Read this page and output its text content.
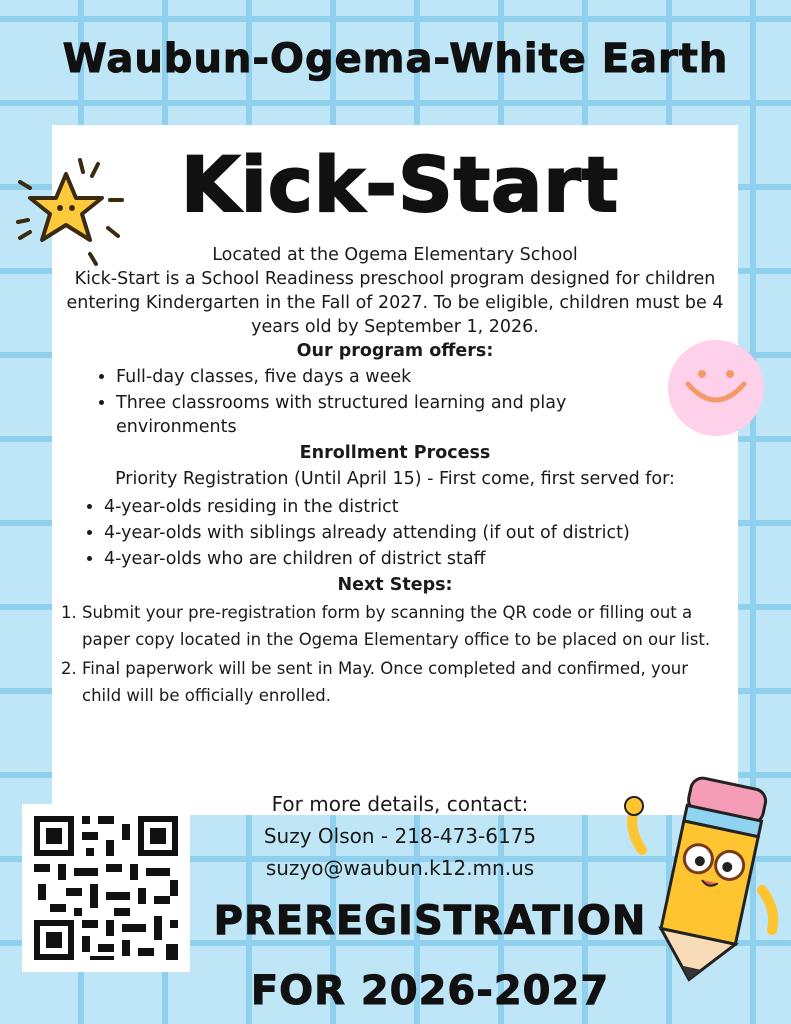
Waubun-Ogema-White Earth
Kick-Start
Located at the Ogema Elementary School
Kick-Start is a School Readiness preschool program designed for children entering Kindergarten in the Fall of 2027. To be eligible, children must be 4 years old by September 1, 2026.
Our program offers:
• Full-day classes, five days a week
• Three classrooms with structured learning and play environments
Enrollment Process
Priority Registration (Until April 15) - First come, first served for:
• 4-year-olds residing in the district
• 4-year-olds with siblings already attending (if out of district)
• 4-year-olds who are children of district staff
Next Steps:
1. Submit your pre-registration form by scanning the QR code or filling out a paper copy located in the Ogema Elementary office to be placed on our list.
2. Final paperwork will be sent in May. Once completed and confirmed, your child will be officially enrolled.
For more details, contact:
Suzy Olson - 218-473-6175
suzyo@waubun.k12.mn.us
PREREGISTRATION
FOR 2026-2027
